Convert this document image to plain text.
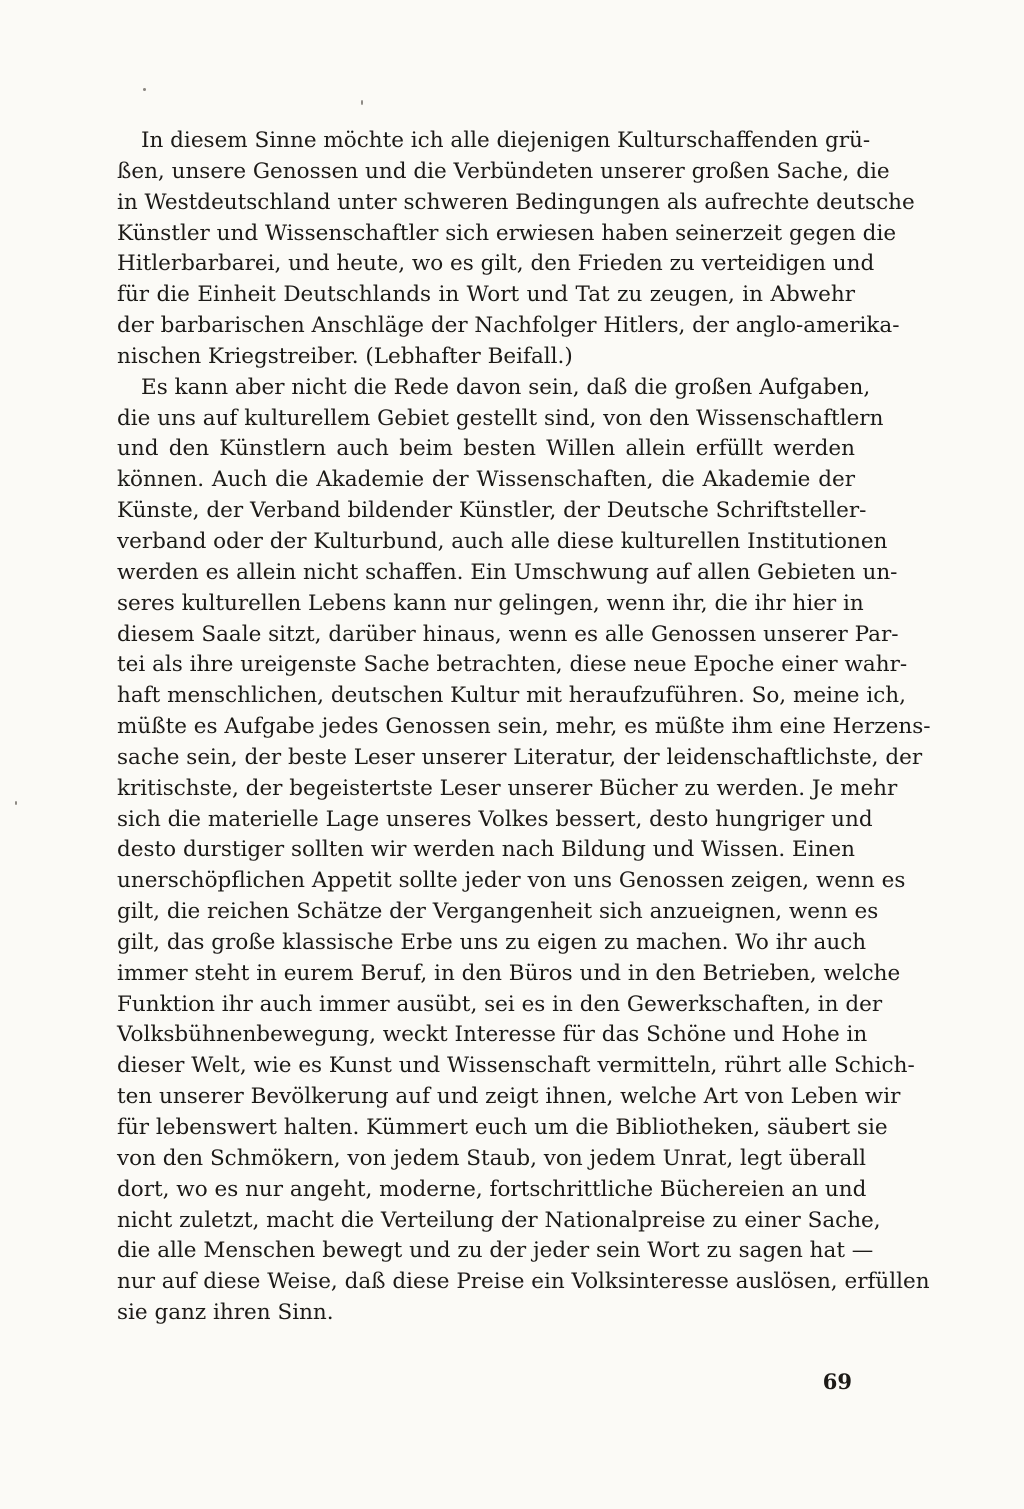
In diesem Sinne möchte ich alle diejenigen Kulturschaffenden grü-
ßen, unsere Genossen und die Verbündeten unserer großen Sache, die
in Westdeutschland unter schweren Bedingungen als aufrechte deutsche
Künstler und Wissenschaftler sich erwiesen haben seinerzeit gegen die
Hitlerbarbarei, und heute, wo es gilt, den Frieden zu verteidigen und
für die Einheit Deutschlands in Wort und Tat zu zeugen, in Abwehr
der barbarischen Anschläge der Nachfolger Hitlers, der anglo-amerika-
nischen Kriegstreiber. (Lebhafter Beifall.)
Es kann aber nicht die Rede davon sein, daß die großen Aufgaben,
die uns auf kulturellem Gebiet gestellt sind, von den Wissenschaftlern
und den Künstlern auch beim besten Willen allein erfüllt werden
können. Auch die Akademie der Wissenschaften, die Akademie der
Künste, der Verband bildender Künstler, der Deutsche Schriftsteller-
verband oder der Kulturbund, auch alle diese kulturellen Institutionen
werden es allein nicht schaffen. Ein Umschwung auf allen Gebieten un-
seres kulturellen Lebens kann nur gelingen, wenn ihr, die ihr hier in
diesem Saale sitzt, darüber hinaus, wenn es alle Genossen unserer Par-
tei als ihre ureigenste Sache betrachten, diese neue Epoche einer wahr-
haft menschlichen, deutschen Kultur mit heraufzuführen. So, meine ich,
müßte es Aufgabe jedes Genossen sein, mehr, es müßte ihm eine Herzens-
sache sein, der beste Leser unserer Literatur, der leidenschaftlichste, der
kritischste, der begeistertste Leser unserer Bücher zu werden. Je mehr
sich die materielle Lage unseres Volkes bessert, desto hungriger und
desto durstiger sollten wir werden nach Bildung und Wissen. Einen
unerschöpflichen Appetit sollte jeder von uns Genossen zeigen, wenn es
gilt, die reichen Schätze der Vergangenheit sich anzueignen, wenn es
gilt, das große klassische Erbe uns zu eigen zu machen. Wo ihr auch
immer steht in eurem Beruf, in den Büros und in den Betrieben, welche
Funktion ihr auch immer ausübt, sei es in den Gewerkschaften, in der
Volksbühnenbewegung, weckt Interesse für das Schöne und Hohe in
dieser Welt, wie es Kunst und Wissenschaft vermitteln, rührt alle Schich-
ten unserer Bevölkerung auf und zeigt ihnen, welche Art von Leben wir
für lebenswert halten. Kümmert euch um die Bibliotheken, säubert sie
von den Schmökern, von jedem Staub, von jedem Unrat, legt überall
dort, wo es nur angeht, moderne, fortschrittliche Büchereien an und
nicht zuletzt, macht die Verteilung der Nationalpreise zu einer Sache,
die alle Menschen bewegt und zu der jeder sein Wort zu sagen hat —
nur auf diese Weise, daß diese Preise ein Volksinteresse auslösen, erfüllen
sie ganz ihren Sinn.
69
